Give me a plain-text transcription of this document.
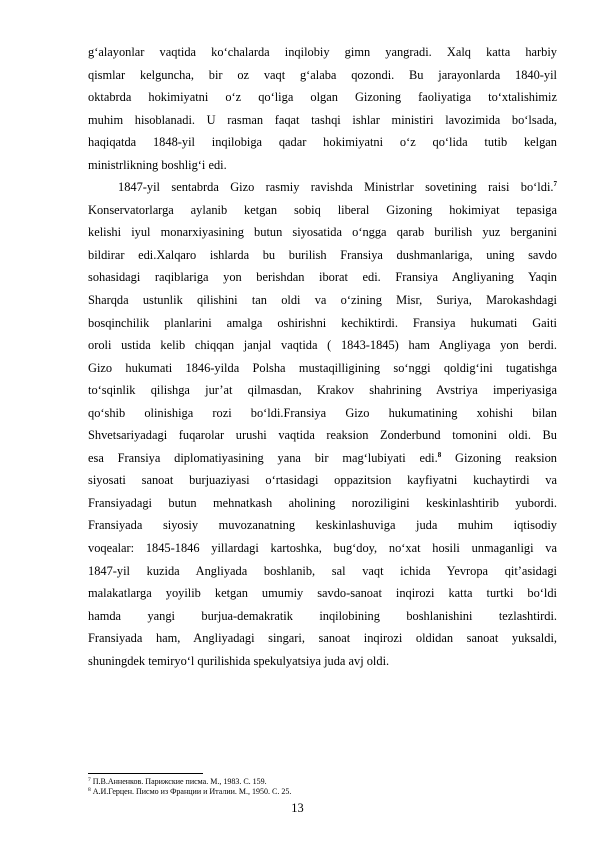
g‘alayonlar vaqtida ko‘chalarda inqilobiy gimn yangradi. Xalq katta harbiy
qismlar kelguncha, bir oz vaqt g‘alaba qozondi. Bu jarayonlarda 1840-yil
oktabrda hokimiyatni o‘z qo‘liga olgan Gizoning faoliyatiga to‘xtalishimiz
muhim hisoblanadi. U rasman faqat tashqi ishlar ministiri lavozimida bo‘lsada,
haqiqatda 1848-yil inqilobiga qadar hokimiyatni o‘z qo‘lida tutib kelgan
ministrlikning boshlig‘i edi.
1847-yil sentabrda Gizo rasmiy ravishda Ministrlar sovetining raisi bo‘ldi.$^7$
Konservatorlarga aylanib ketgan sobiq liberal Gizoning hokimiyat tepasiga
kelishi iyul monarxiyasining butun siyosatida o‘ngga qarab burilish yuz berganini
bildirar edi.Xalqaro ishlarda bu burilish Fransiya dushmanlariga, uning savdo
sohasidagi raqiblariga yon berishdan iborat edi. Fransiya Angliyaning Yaqin
Sharqda ustunlik qilishini tan oldi va o‘zining Misr, Suriya, Marokashdagi
bosqinchilik planlarini amalga oshirishni kechiktirdi. Fransiya hukumati Gaiti
oroli ustida kelib chiqqan janjal vaqtida ( 1843-1845) ham Angliyaga yon berdi.
Gizo hukumati 1846-yilda Polsha mustaqilligining so‘nggi qoldig‘ini tugatishga
to‘sqinlik qilishga jur’at qilmasdan, Krakov shahrining Avstriya imperiyasiga
qo‘shib olinishiga rozi bo‘ldi.Fransiya Gizo hukumatining xohishi bilan
Shvetsariyadagi fuqarolar urushi vaqtida reaksion Zonderbund tomonini oldi. Bu
esa Fransiya diplomatiyasining yana bir mag‘lubiyati edi.$^8$ Gizoning reaksion
siyosati sanoat burjuaziyasi o‘rtasidagi oppazitsion kayfiyatni kuchaytirdi va
Fransiyadagi butun mehnatkash aholining noroziligini keskinlashtirib yubordi.
Fransiyada siyosiy muvozanatning keskinlashuviga juda muhim iqtisodiy
voqealar: 1845-1846 yillardagi kartoshka, bug‘doy, no‘xat hosili unmaganligi va
1847-yil kuzida Angliyada boshlanib, sal vaqt ichida Yevropa qit’asidagi
malakatlarga yoyilib ketgan umumiy savdo-sanoat inqirozi katta turtki bo‘ldi
hamda yangi burjua-demakratik inqilobining boshlanishini tezlashtirdi.
Fransiyada ham, Angliyadagi singari, sanoat inqirozi oldidan sanoat yuksaldi,
shuningdek temiryo‘l qurilishida spekulyatsiya juda avj oldi.
$^7$ П.В.Анненков. Парижские писма. М., 1983. С. 159.
$^8$ А.И.Герцен. Писмо из Франции и Италии. М., 1950. С. 25.
13
